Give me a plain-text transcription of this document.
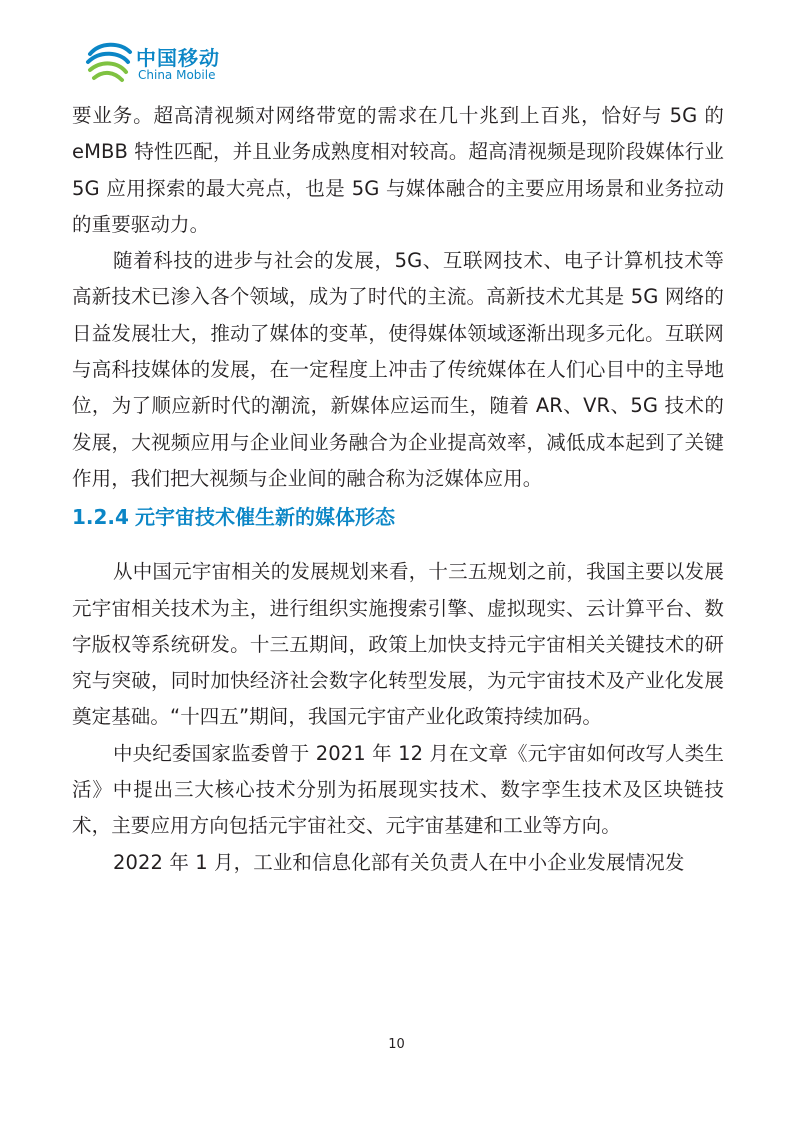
中国移动
China Mobile

要业务。超高清视频对网络带宽的需求在几十兆到上百兆，恰好与 5G 的 eMBB 特性匹配，并且业务成熟度相对较高。超高清视频是现阶段媒体行业 5G 应用探索的最大亮点，也是 5G 与媒体融合的主要应用场景和业务拉动的重要驱动力。

随着科技的进步与社会的发展，5G、互联网技术、电子计算机技术等高新技术已渗入各个领域，成为了时代的主流。高新技术尤其是 5G 网络的日益发展壮大，推动了媒体的变革，使得媒体领域逐渐出现多元化。互联网与高科技媒体的发展，在一定程度上冲击了传统媒体在人们心目中的主导地位，为了顺应新时代的潮流，新媒体应运而生，随着 AR、VR、5G 技术的发展，大视频应用与企业间业务融合为企业提高效率，减低成本起到了关键作用，我们把大视频与企业间的融合称为泛媒体应用。

1.2.4 元宇宙技术催生新的媒体形态

从中国元宇宙相关的发展规划来看，十三五规划之前，我国主要以发展元宇宙相关技术为主，进行组织实施搜索引擎、虚拟现实、云计算平台、数字版权等系统研发。十三五期间，政策上加快支持元宇宙相关关键技术的研究与突破，同时加快经济社会数字化转型发展，为元宇宙技术及产业化发展奠定基础。“十四五”期间，我国元宇宙产业化政策持续加码。

中央纪委国家监委曾于 2021 年 12 月在文章《元宇宙如何改写人类生活》中提出三大核心技术分别为拓展现实技术、数字孪生技术及区块链技术，主要应用方向包括元宇宙社交、元宇宙基建和工业等方向。

2022 年 1 月，工业和信息化部有关负责人在中小企业发展情况发

10
